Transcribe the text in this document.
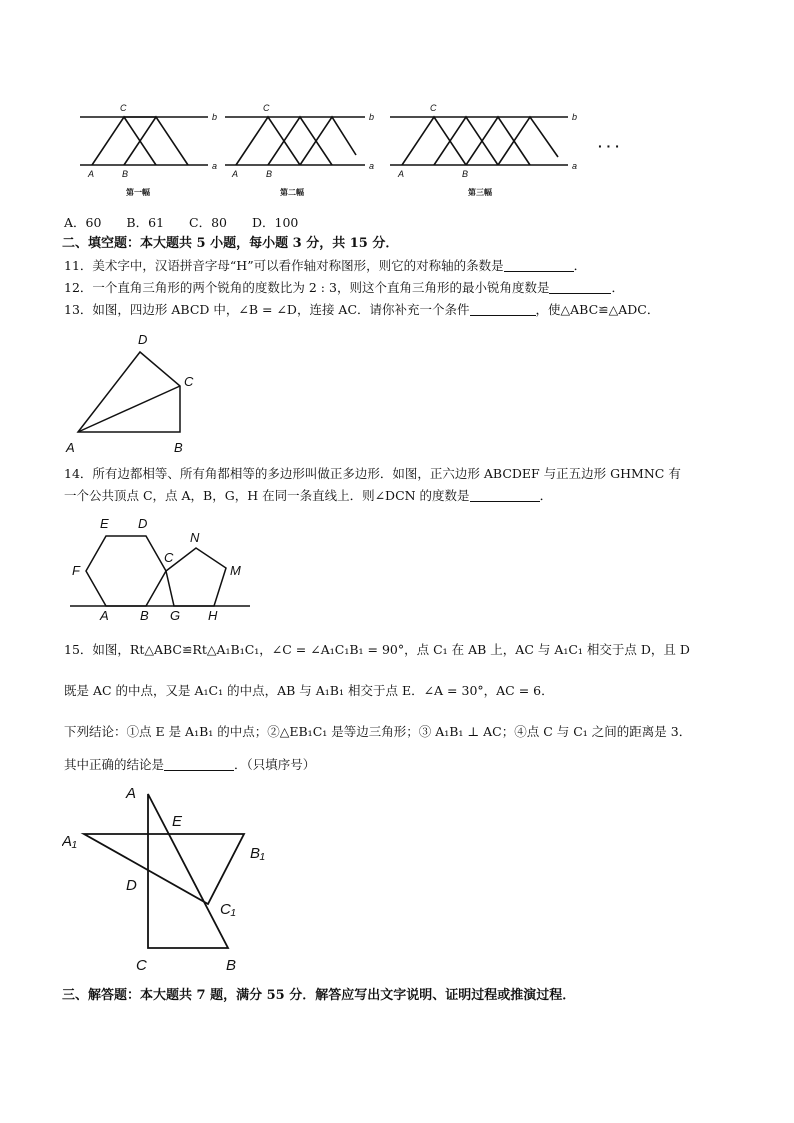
C
b
a
A	B
C
b
a
A	B
C
b
a
A	B
第一幅	第二幅	第三幅
· · ·
A．60　　B．61　　C．80　　D．100
二、填空题：本大题共 5 小题，每小题 3 分，共 15 分．
11．美术字中，汉语拼音字母“H”可以看作轴对称图形，则它的对称轴的条数是	．
12．一个直角三角形的两个锐角的度数比为 2 : 3，则这个直角三角形的最小锐角度数是	．
13．如图，四边形 ABCD 中，∠B = ∠D，连接 AC．请你补充一个条件	，使△ABC≌△ADC．
D
C
A	B
14．所有边都相等、所有角都相等的多边形叫做正多边形．如图，正六边形 ABCDEF 与正五边形 GHMNC 有
一个公共顶点 C，点 A，B，G，H 在同一条直线上．则∠DCN 的度数是	．
E D
C
N
F	M
A B G H
15．如图，Rt△ABC≌Rt△A₁B₁C₁，∠C = ∠A₁C₁B₁ = 90°，点 C₁ 在 AB 上，AC 与 A₁C₁ 相交于点 D，且 D
既是 AC 的中点，又是 A₁C₁ 的中点，AB 与 A₁B₁ 相交于点 E．∠A = 30°，AC = 6．
下列结论：①点 E 是 A₁B₁ 的中点；②△EB₁C₁ 是等边三角形；③ A₁B₁ ⊥ AC；④点 C 与 C₁ 之间的距离是 3．
其中正确的结论是	．（只填序号）
A
E
A₁
B₁
D
C₁
C	B
三、解答题：本大题共 7 题，满分 55 分．解答应写出文字说明、证明过程或推演过程．
